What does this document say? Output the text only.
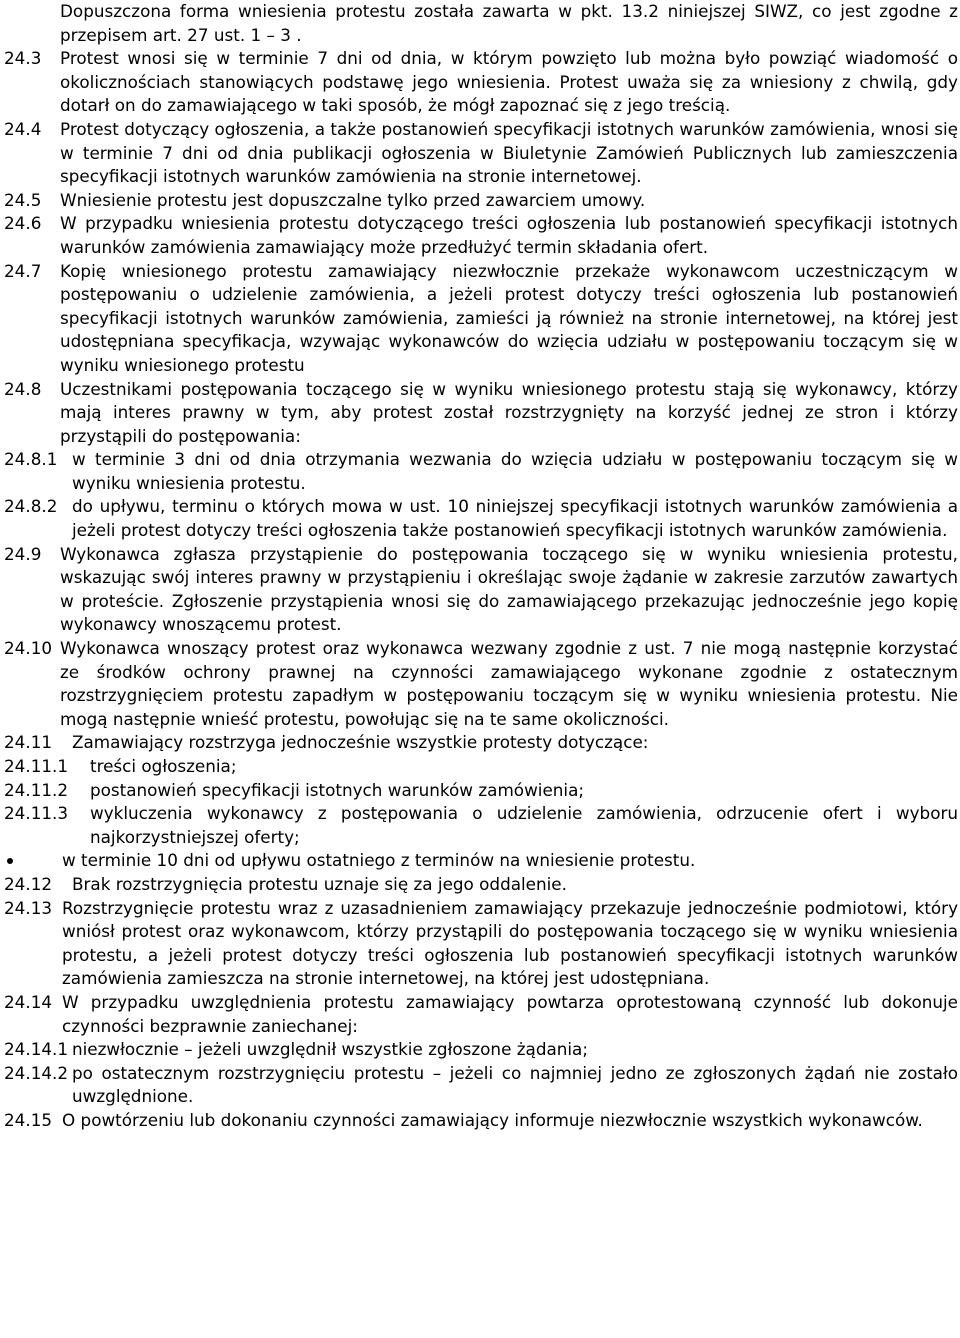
Dopuszczona forma wniesienia protestu została zawarta w pkt. 13.2 niniejszej SIWZ, co jest zgodne z przepisem art. 27 ust. 1 – 3 .

24.3	Protest wnosi się w terminie 7 dni od dnia, w którym powzięto lub można było powziąć wiadomość o okolicznościach stanowiących podstawę jego wniesienia. Protest uważa się za wniesiony z chwilą, gdy dotarł on do zamawiającego w taki sposób, że mógł zapoznać się z jego treścią.
24.4	Protest dotyczący ogłoszenia, a także postanowień specyfikacji istotnych warunków zamówienia, wnosi się w terminie 7 dni od dnia publikacji ogłoszenia w Biuletynie Zamówień Publicznych lub zamieszczenia specyfikacji istotnych warunków zamówienia na stronie internetowej.
24.5	Wniesienie protestu jest dopuszczalne tylko przed zawarciem umowy.
24.6	W przypadku wniesienia protestu dotyczącego treści ogłoszenia lub postanowień specyfikacji istotnych warunków zamówienia zamawiający może przedłużyć termin składania ofert.
24.7	Kopię wniesionego protestu zamawiający niezwłocznie przekaże wykonawcom uczestniczącym w postępowaniu o udzielenie zamówienia, a jeżeli protest dotyczy treści ogłoszenia lub postanowień specyfikacji istotnych warunków zamówienia, zamieści ją również na stronie internetowej, na której jest udostępniana specyfikacja, wzywając wykonawców do wzięcia udziału w postępowaniu toczącym się w wyniku wniesionego protestu
24.8	Uczestnikami postępowania toczącego się w wyniku wniesionego protestu stają się wykonawcy, którzy mają interes prawny w tym, aby protest został rozstrzygnięty na korzyść jednej ze stron i którzy przystąpili do postępowania:
24.8.1 w terminie 3 dni od dnia otrzymania wezwania do wzięcia udziału w postępowaniu toczącym się w wyniku wniesienia protestu.
24.8.2 do upływu, terminu o których mowa w ust. 10 niniejszej specyfikacji istotnych warunków zamówienia a jeżeli protest dotyczy treści ogłoszenia także postanowień specyfikacji istotnych warunków zamówienia.
24.9	Wykonawca zgłasza przystąpienie do postępowania toczącego się w wyniku wniesienia protestu, wskazując swój interes prawny w przystąpieniu i określając swoje żądanie w zakresie zarzutów zawartych w proteście. Zgłoszenie przystąpienia wnosi się do zamawiającego przekazując jednocześnie jego kopię wykonawcy wnoszącemu protest.
24.10 Wykonawca wnoszący protest oraz wykonawca wezwany zgodnie z ust. 7 nie mogą następnie korzystać ze środków ochrony prawnej na czynności zamawiającego wykonane zgodnie z ostatecznym rozstrzygnięciem protestu zapadłym w postępowaniu toczącym się w wyniku wniesienia protestu. Nie mogą następnie wnieść protestu, powołując się na te same okoliczności.
24.11	Zamawiający rozstrzyga jednocześnie wszystkie protesty dotyczące:
24.11.1	treści ogłoszenia;
24.11.2	postanowień specyfikacji istotnych warunków zamówienia;
24.11.3	wykluczenia wykonawcy z postępowania o udzielenie zamówienia, odrzucenie ofert i wyboru najkorzystniejszej oferty;
w terminie 10 dni od upływu ostatniego z terminów na wniesienie protestu.
24.12	Brak rozstrzygnięcia protestu uznaje się za jego oddalenie.
24.13 Rozstrzygnięcie protestu wraz z uzasadnieniem zamawiający przekazuje jednocześnie podmiotowi, który wniósł protest oraz wykonawcom, którzy przystąpili do postępowania toczącego się w wyniku wniesienia protestu, a jeżeli protest dotyczy treści ogłoszenia lub postanowień specyfikacji istotnych warunków zamówienia zamieszcza na stronie internetowej, na której jest udostępniana.
24.14 W przypadku uwzględnienia protestu zamawiający powtarza oprotestowaną czynność lub dokonuje czynności bezprawnie zaniechanej:
24.14.1 niezwłocznie – jeżeli uwzględnił wszystkie zgłoszone żądania;
24.14.2 po ostatecznym rozstrzygnięciu protestu – jeżeli co najmniej jedno ze zgłoszonych żądań nie zostało uwzględnione.
24.15 O powtórzeniu lub dokonaniu czynności zamawiający informuje niezwłocznie wszystkich wykonawców.
